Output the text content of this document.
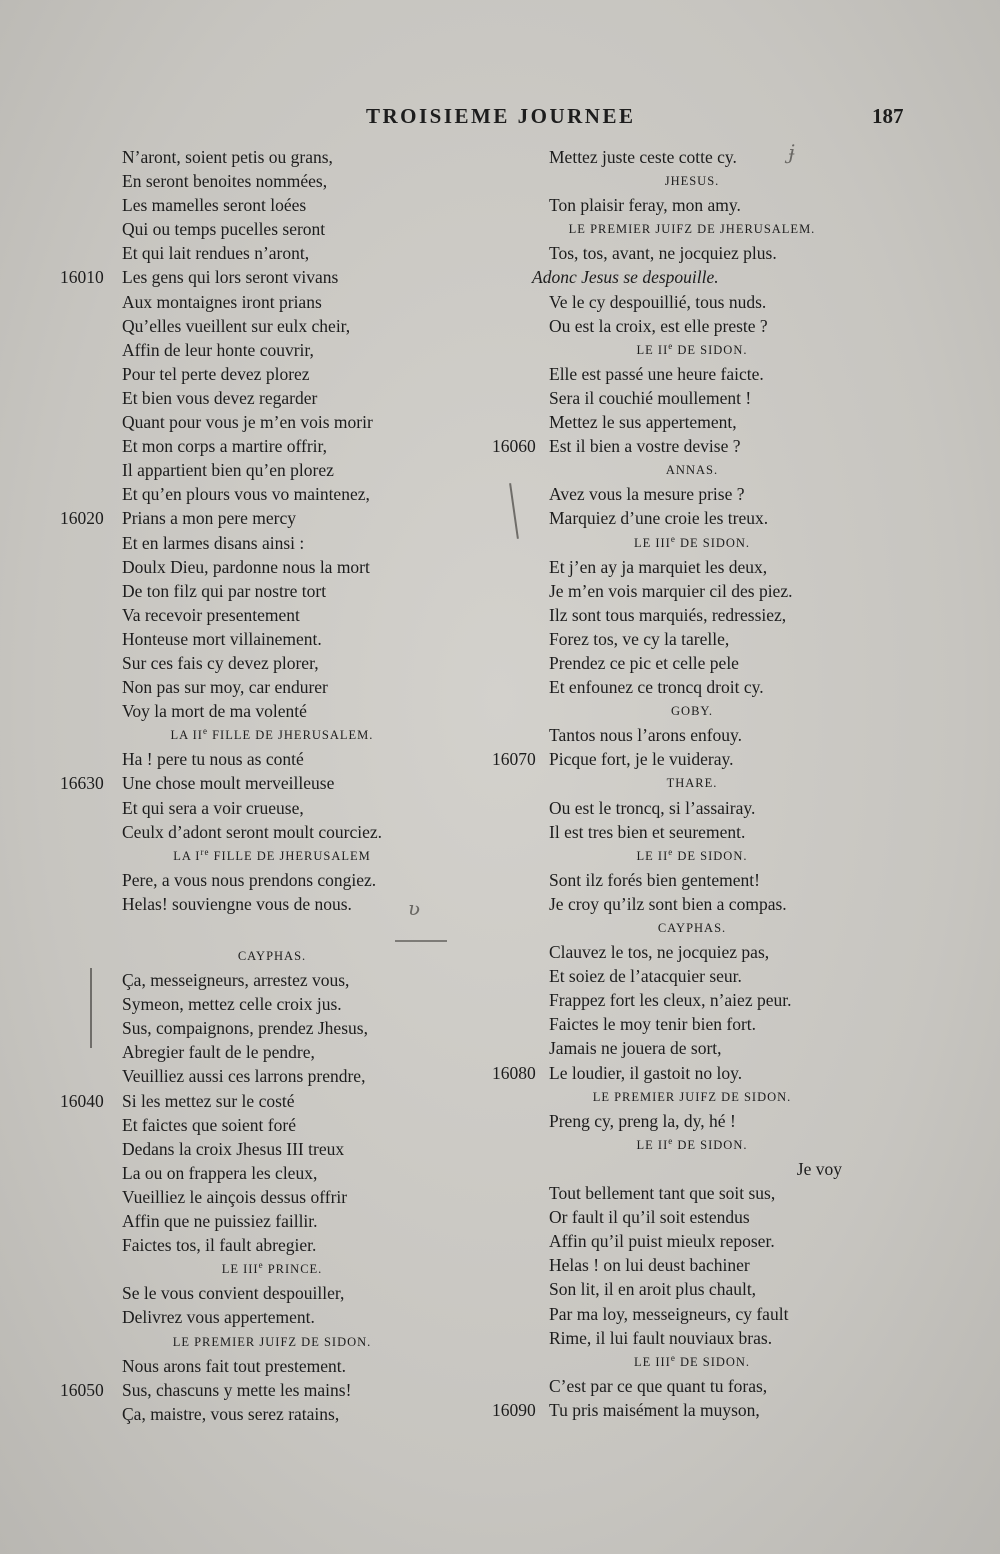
TROISIEME JOURNEE	187
N’aront, soient petis ou grans,
En seront benoites nommées,
Les mamelles seront loées
Qui ou temps pucelles seront
Et qui lait rendues n’aront,
16010 Les gens qui lors seront vivans
Aux montaignes iront prians
Qu’elles vueillent sur eulx cheir,
Affin de leur honte couvrir,
Pour tel perte devez plorez
Et bien vous devez regarder
Quant pour vous je m’en vois morir
Et mon corps a martire offrir,
Il appartient bien qu’en plorez
Et qu’en plours vous vo maintenez,
16020 Prians a mon pere mercy
Et en larmes disans ainsi :
Doulx Dieu, pardonne nous la mort
De ton filz qui par nostre tort
Va recevoir presentement
Honteuse mort villainement.
Sur ces fais cy devez plorer,
Non pas sur moy, car endurer
Voy la mort de ma volenté
LA IIe FILLE DE JHERUSALEM.
Ha ! pere tu nous as conté
16630 Une chose moult merveilleuse
Et qui sera a voir crueuse,
Ceulx d’adont seront moult courciez.
LA Ire FILLE DE JHERUSALEM
Pere, a vous nous prendons congiez.
Helas! souviengne vous de nous.
CAYPHAS.
Ça, messeigneurs, arrestez vous,
Symeon, mettez celle croix jus.
Sus, compaignons, prendez Jhesus,
Abregier fault de le pendre,
Veuilliez aussi ces larrons prendre,
16040 Si les mettez sur le costé
Et faictes que soient foré
Dedans la croix Jhesus III treux
La ou on frappera les cleux,
Vueilliez le ainçois dessus offrir
Affin que ne puissiez faillir.
Faictes tos, il fault abregier.
LE IIIe PRINCE.
Se le vous convient despouiller,
Delivrez vous appertement.
LE PREMIER JUIFZ DE SIDON.
Nous arons fait tout prestement.
16050 Sus, chascuns y mette les mains!
Ça, maistre, vous serez ratains,
Mettez juste ceste cotte cy.
JHESUS.
Ton plaisir feray, mon amy.
LE PREMIER JUIFZ DE JHERUSALEM.
Tos, tos, avant, ne jocquiez plus.
Adonc Jesus se despouille.
Ve le cy despouillié, tous nuds.
Ou est la croix, est elle preste ?
LE IIe DE SIDON.
Elle est passé une heure faicte.
Sera il couchié moullement !
Mettez le sus appertement,
16060 Est il bien a vostre devise ?
ANNAS.
Avez vous la mesure prise ?
Marquiez d’une croie les treux.
LE IIIe DE SIDON.
Et j’en ay ja marquiet les deux,
Je m’en vois marquier cil des piez.
Ilz sont tous marquiés, redressiez,
Forez tos, ve cy la tarelle,
Prendez ce pic et celle pele
Et enfounez ce troncq droit cy.
GOBY.
Tantos nous l’arons enfouy.
16070 Picque fort, je le vuideray.
THARE.
Ou est le troncq, si l’assairay.
Il est tres bien et seurement.
LE IIe DE SIDON.
Sont ilz forés bien gentement!
Je croy qu’ilz sont bien a compas.
CAYPHAS.
Clauvez le tos, ne jocquiez pas,
Et soiez de l’atacquier seur.
Frappez fort les cleux, n’aiez peur.
Faictes le moy tenir bien fort.
Jamais ne jouera de sort,
16080 Le loudier, il gastoit no loy.
LE PREMIER JUIFZ DE SIDON.
Preng cy, preng la, dy, hé !
LE IIe DE SIDON.
Je voy
Tout bellement tant que soit sus,
Or fault il qu’il soit estendus
Affin qu’il puist mieulx reposer.
Helas ! on lui deust bachiner
Son lit, il en aroit plus chault,
Par ma loy, messeigneurs, cy fault
Rime, il lui fault nouviaux bras.
LE IIIe DE SIDON.
C’est par ce que quant tu foras,
16090 Tu pris maisément la muyson,
ɉ
ʋ
